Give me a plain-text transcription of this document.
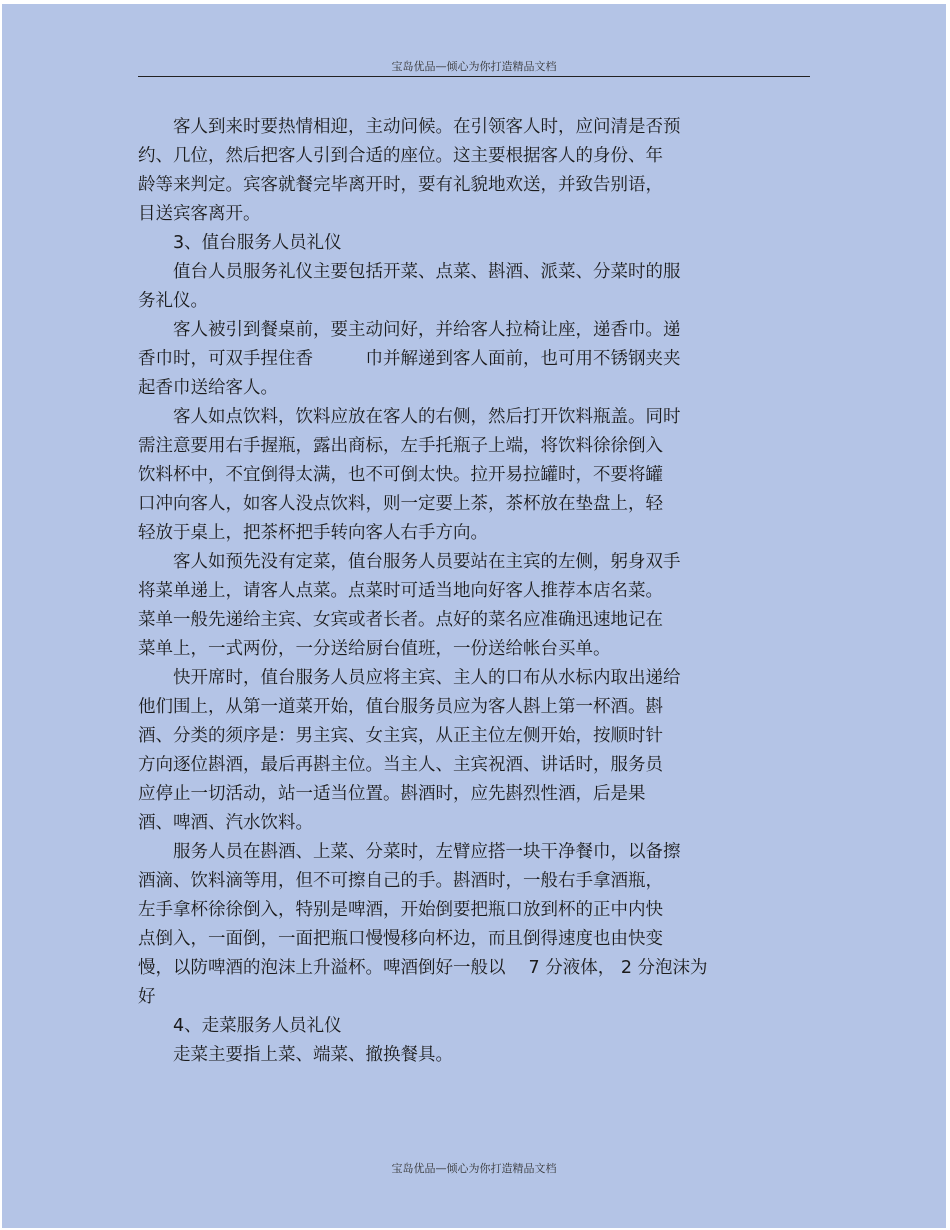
宝岛优品—倾心为你打造精品文档
　　客人到来时要热情相迎，主动问候。在引领客人时，应问清是否预
约、几位，然后把客人引到合适的座位。这主要根据客人的身份、年
龄等来判定。宾客就餐完毕离开时，要有礼貌地欢送，并致告别语，
目送宾客离开。
　　3、值台服务人员礼仪
　　值台人员服务礼仪主要包括开菜、点菜、斟酒、派菜、分菜时的服
务礼仪。
　　客人被引到餐桌前，要主动问好，并给客人拉椅让座，递香巾。递
香巾时，可双手捏住香　　　巾并解递到客人面前，也可用不锈钢夹夹
起香巾送给客人。
　　客人如点饮料，饮料应放在客人的右侧，然后打开饮料瓶盖。同时
需注意要用右手握瓶，露出商标，左手托瓶子上端，将饮料徐徐倒入
饮料杯中，不宜倒得太满，也不可倒太快。拉开易拉罐时，不要将罐
口冲向客人，如客人没点饮料，则一定要上茶，茶杯放在垫盘上，轻
轻放于桌上，把茶杯把手转向客人右手方向。
　　客人如预先没有定菜，值台服务人员要站在主宾的左侧，躬身双手
将菜单递上，请客人点菜。点菜时可适当地向好客人推荐本店名菜。
菜单一般先递给主宾、女宾或者长者。点好的菜名应准确迅速地记在
菜单上，一式两份，一分送给厨台值班，一份送给帐台买单。
　　快开席时，值台服务人员应将主宾、主人的口布从水标内取出递给
他们围上，从第一道菜开始，值台服务员应为客人斟上第一杯酒。斟
酒、分类的须序是：男主宾、女主宾，从正主位左侧开始，按顺时针
方向逐位斟酒，最后再斟主位。当主人、主宾祝酒、讲话时，服务员
应停止一切活动，站一适当位置。斟酒时，应先斟烈性酒，后是果
酒、啤酒、汽水饮料。
　　服务人员在斟酒、上菜、分菜时，左臂应搭一块干净餐巾，以备擦
酒滴、饮料滴等用，但不可擦自己的手。斟酒时，一般右手拿酒瓶，
左手拿杯徐徐倒入，特别是啤酒，开始倒要把瓶口放到杯的正中内快
点倒入，一面倒，一面把瓶口慢慢移向杯边，而且倒得速度也由快变
慢，以防啤酒的泡沫上升溢杯。啤酒倒好一般以　 7 分液体， 2 分泡沫为
好
　　4、走菜服务人员礼仪
　　走菜主要指上菜、端菜、撤换餐具。
宝岛优品—倾心为你打造精品文档
